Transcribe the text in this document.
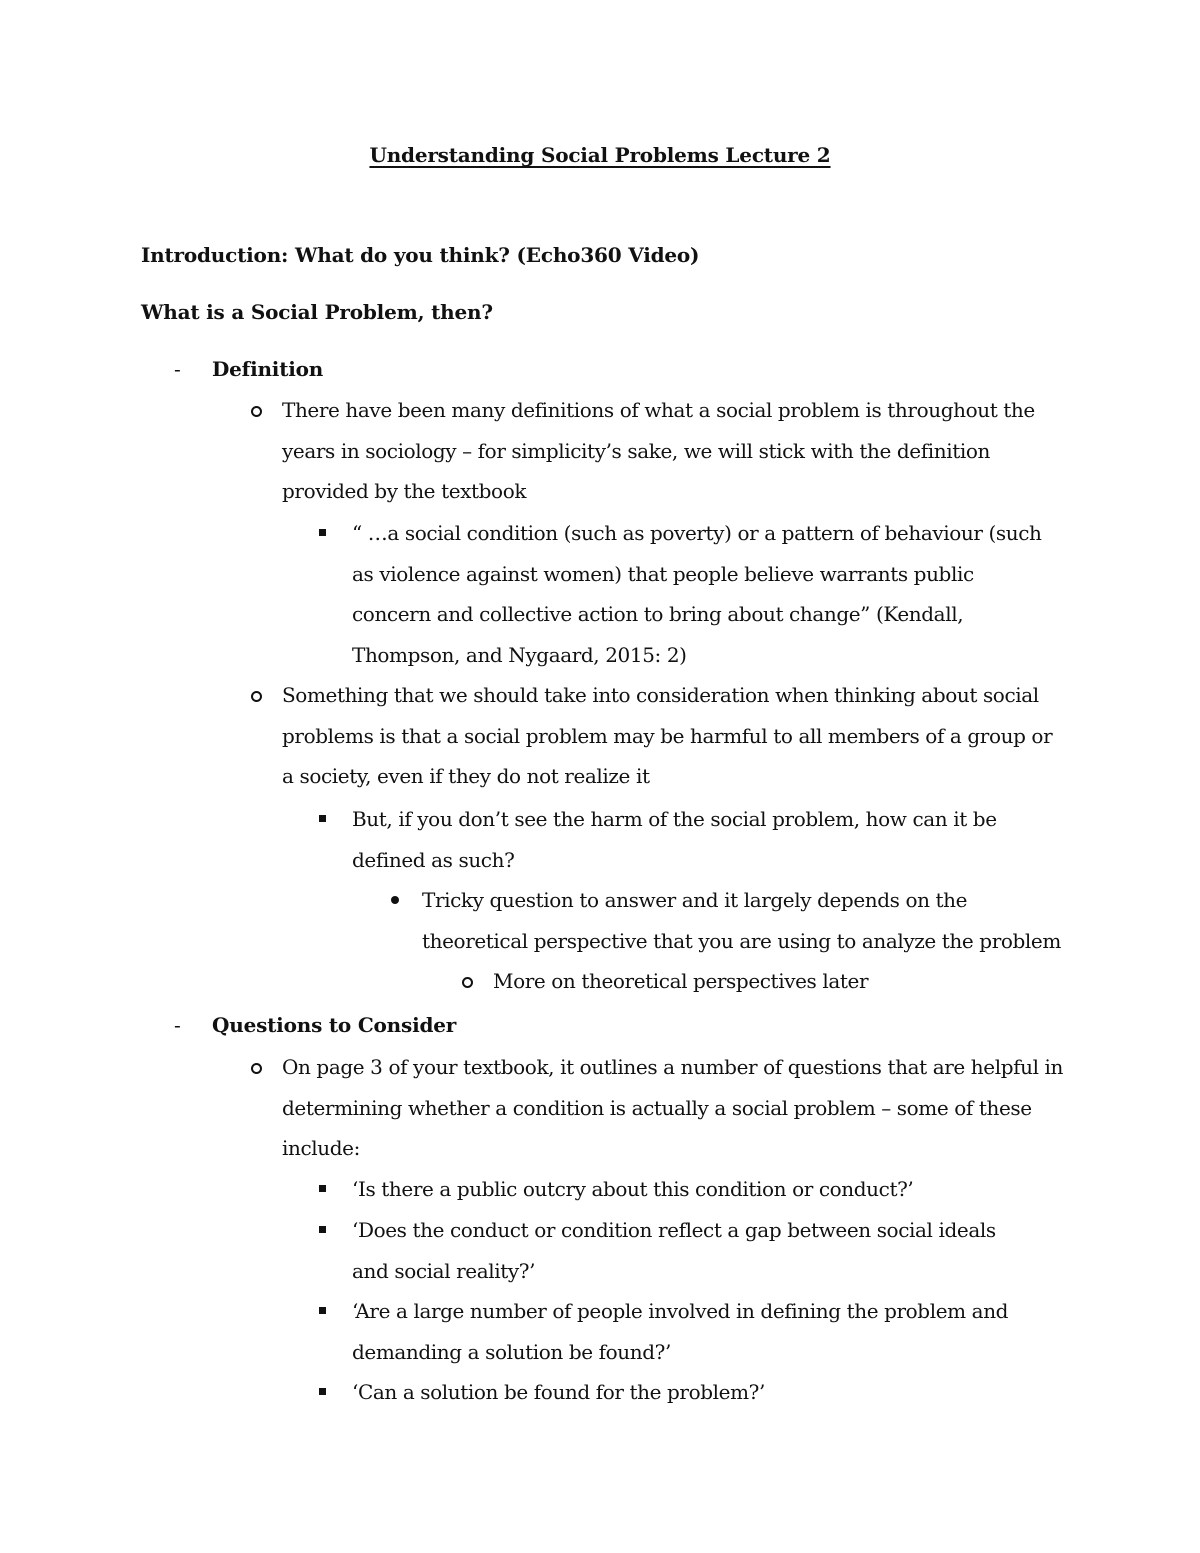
Understanding Social Problems Lecture 2
Introduction: What do you think? (Echo360 Video)
What is a Social Problem, then?
- Definition
There have been many definitions of what a social problem is throughout the years in sociology – for simplicity’s sake, we will stick with the definition provided by the textbook
“ …a social condition (such as poverty) or a pattern of behaviour (such as violence against women) that people believe warrants public concern and collective action to bring about change” (Kendall, Thompson, and Nygaard, 2015: 2)
Something that we should take into consideration when thinking about social problems is that a social problem may be harmful to all members of a group or a society, even if they do not realize it
But, if you don’t see the harm of the social problem, how can it be defined as such?
Tricky question to answer and it largely depends on the theoretical perspective that you are using to analyze the problem
More on theoretical perspectives later
- Questions to Consider
On page 3 of your textbook, it outlines a number of questions that are helpful in determining whether a condition is actually a social problem – some of these include:
‘Is there a public outcry about this condition or conduct?’
‘Does the conduct or condition reflect a gap between social ideals and social reality?’
‘Are a large number of people involved in defining the problem and demanding a solution be found?’
‘Can a solution be found for the problem?’
